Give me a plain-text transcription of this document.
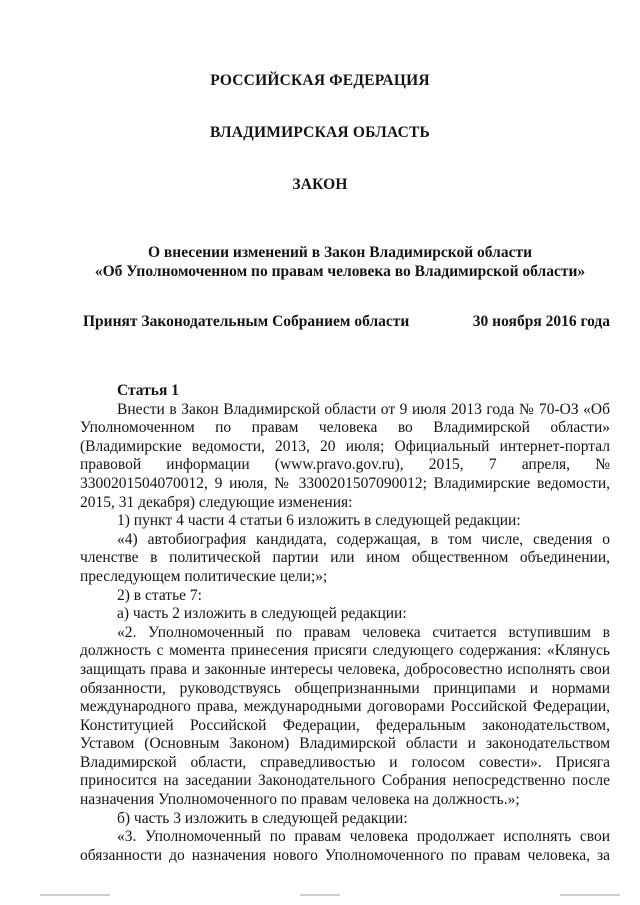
РОССИЙСКАЯ ФЕДЕРАЦИЯ
ВЛАДИМИРСКАЯ ОБЛАСТЬ
ЗАКОН
О внесении изменений в Закон Владимирской области
«Об Уполномоченном по правам человека во Владимирской области»
Принят Законодательным Собранием области	30 ноября 2016 года

Статья 1

Внести в Закон Владимирской области от 9 июля 2013 года № 70-ОЗ «Об Уполномоченном по правам человека во Владимирской области» (Владимирские ведомости, 2013, 20 июля; Официальный интернет-портал правовой информации (www.pravo.gov.ru), 2015, 7 апреля, № 3300201504070012, 9 июля, № 3300201507090012; Владимирские ведомости, 2015, 31 декабря) следующие изменения:

1) пункт 4 части 4 статьи 6 изложить в следующей редакции:

«4) автобиография кандидата, содержащая, в том числе, сведения о членстве в политической партии или ином общественном объединении, преследующем политические цели;»;

2) в статье 7:

а) часть 2 изложить в следующей редакции:

«2. Уполномоченный по правам человека считается вступившим в должность с момента принесения присяги следующего содержания: «Клянусь защищать права и законные интересы человека, добросовестно исполнять свои обязанности, руководствуясь общепризнанными принципами и нормами международного права, международными договорами Российской Федерации, Конституцией Российской Федерации, федеральным законодательством, Уставом (Основным Законом) Владимирской области и законодательством Владимирской области, справедливостью и голосом совести». Присяга приносится на заседании Законодательного Собрания непосредственно после назначения Уполномоченного по правам человека на должность.»;

б) часть 3 изложить в следующей редакции:

«3. Уполномоченный по правам человека продолжает исполнять свои обязанности до назначения нового Уполномоченного по правам человека, за
